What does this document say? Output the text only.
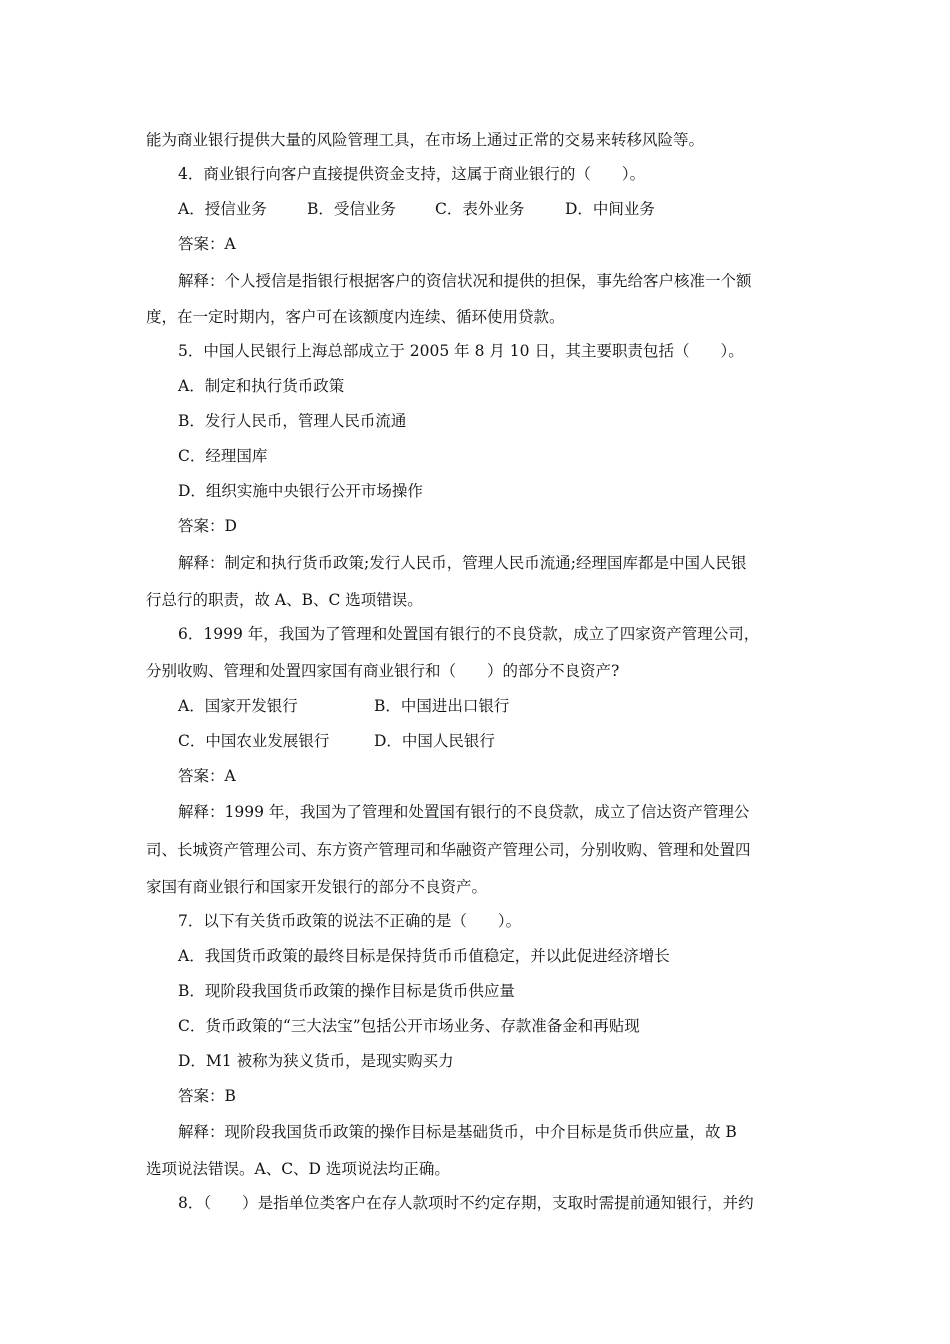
能为商业银行提供大量的风险管理工具，在市场上通过正常的交易来转移风险等。
4．商业银行向客户直接提供资金支持，这属于商业银行的（　　）。
A．授信业务	B．受信业务	C．表外业务	D．中间业务
答案：A
解释：个人授信是指银行根据客户的资信状况和提供的担保，事先给客户核准一个额
度，在一定时期内，客户可在该额度内连续、循环使用贷款。
5．中国人民银行上海总部成立于 2005 年 8 月 10 日，其主要职责包括（　　）。
A．制定和执行货币政策
B．发行人民币，管理人民币流通
C．经理国库
D．组织实施中央银行公开市场操作
答案：D
解释：制定和执行货币政策;发行人民币，管理人民币流通;经理国库都是中国人民银
行总行的职责，故 A、B、C 选项错误。
6．1999 年，我国为了管理和处置国有银行的不良贷款，成立了四家资产管理公司，
分别收购、管理和处置四家国有商业银行和（　　）的部分不良资产?
A．国家开发银行	B．中国进出口银行
C．中国农业发展银行	D．中国人民银行
答案：A
解释：1999 年，我国为了管理和处置国有银行的不良贷款，成立了信达资产管理公
司、长城资产管理公司、东方资产管理司和华融资产管理公司，分别收购、管理和处置四
家国有商业银行和国家开发银行的部分不良资产。
7．以下有关货币政策的说法不正确的是（　　）。
A．我国货币政策的最终目标是保持货币币值稳定，并以此促进经济增长
B．现阶段我国货币政策的操作目标是货币供应量
C．货币政策的“三大法宝”包括公开市场业务、存款准备金和再贴现
D．M1 被称为狭义货币，是现实购买力
答案：B
解释：现阶段我国货币政策的操作目标是基础货币，中介目标是货币供应量，故 B
选项说法错误。A、C、D 选项说法均正确。
8．（　　）是指单位类客户在存人款项时不约定存期，支取时需提前通知银行，并约
